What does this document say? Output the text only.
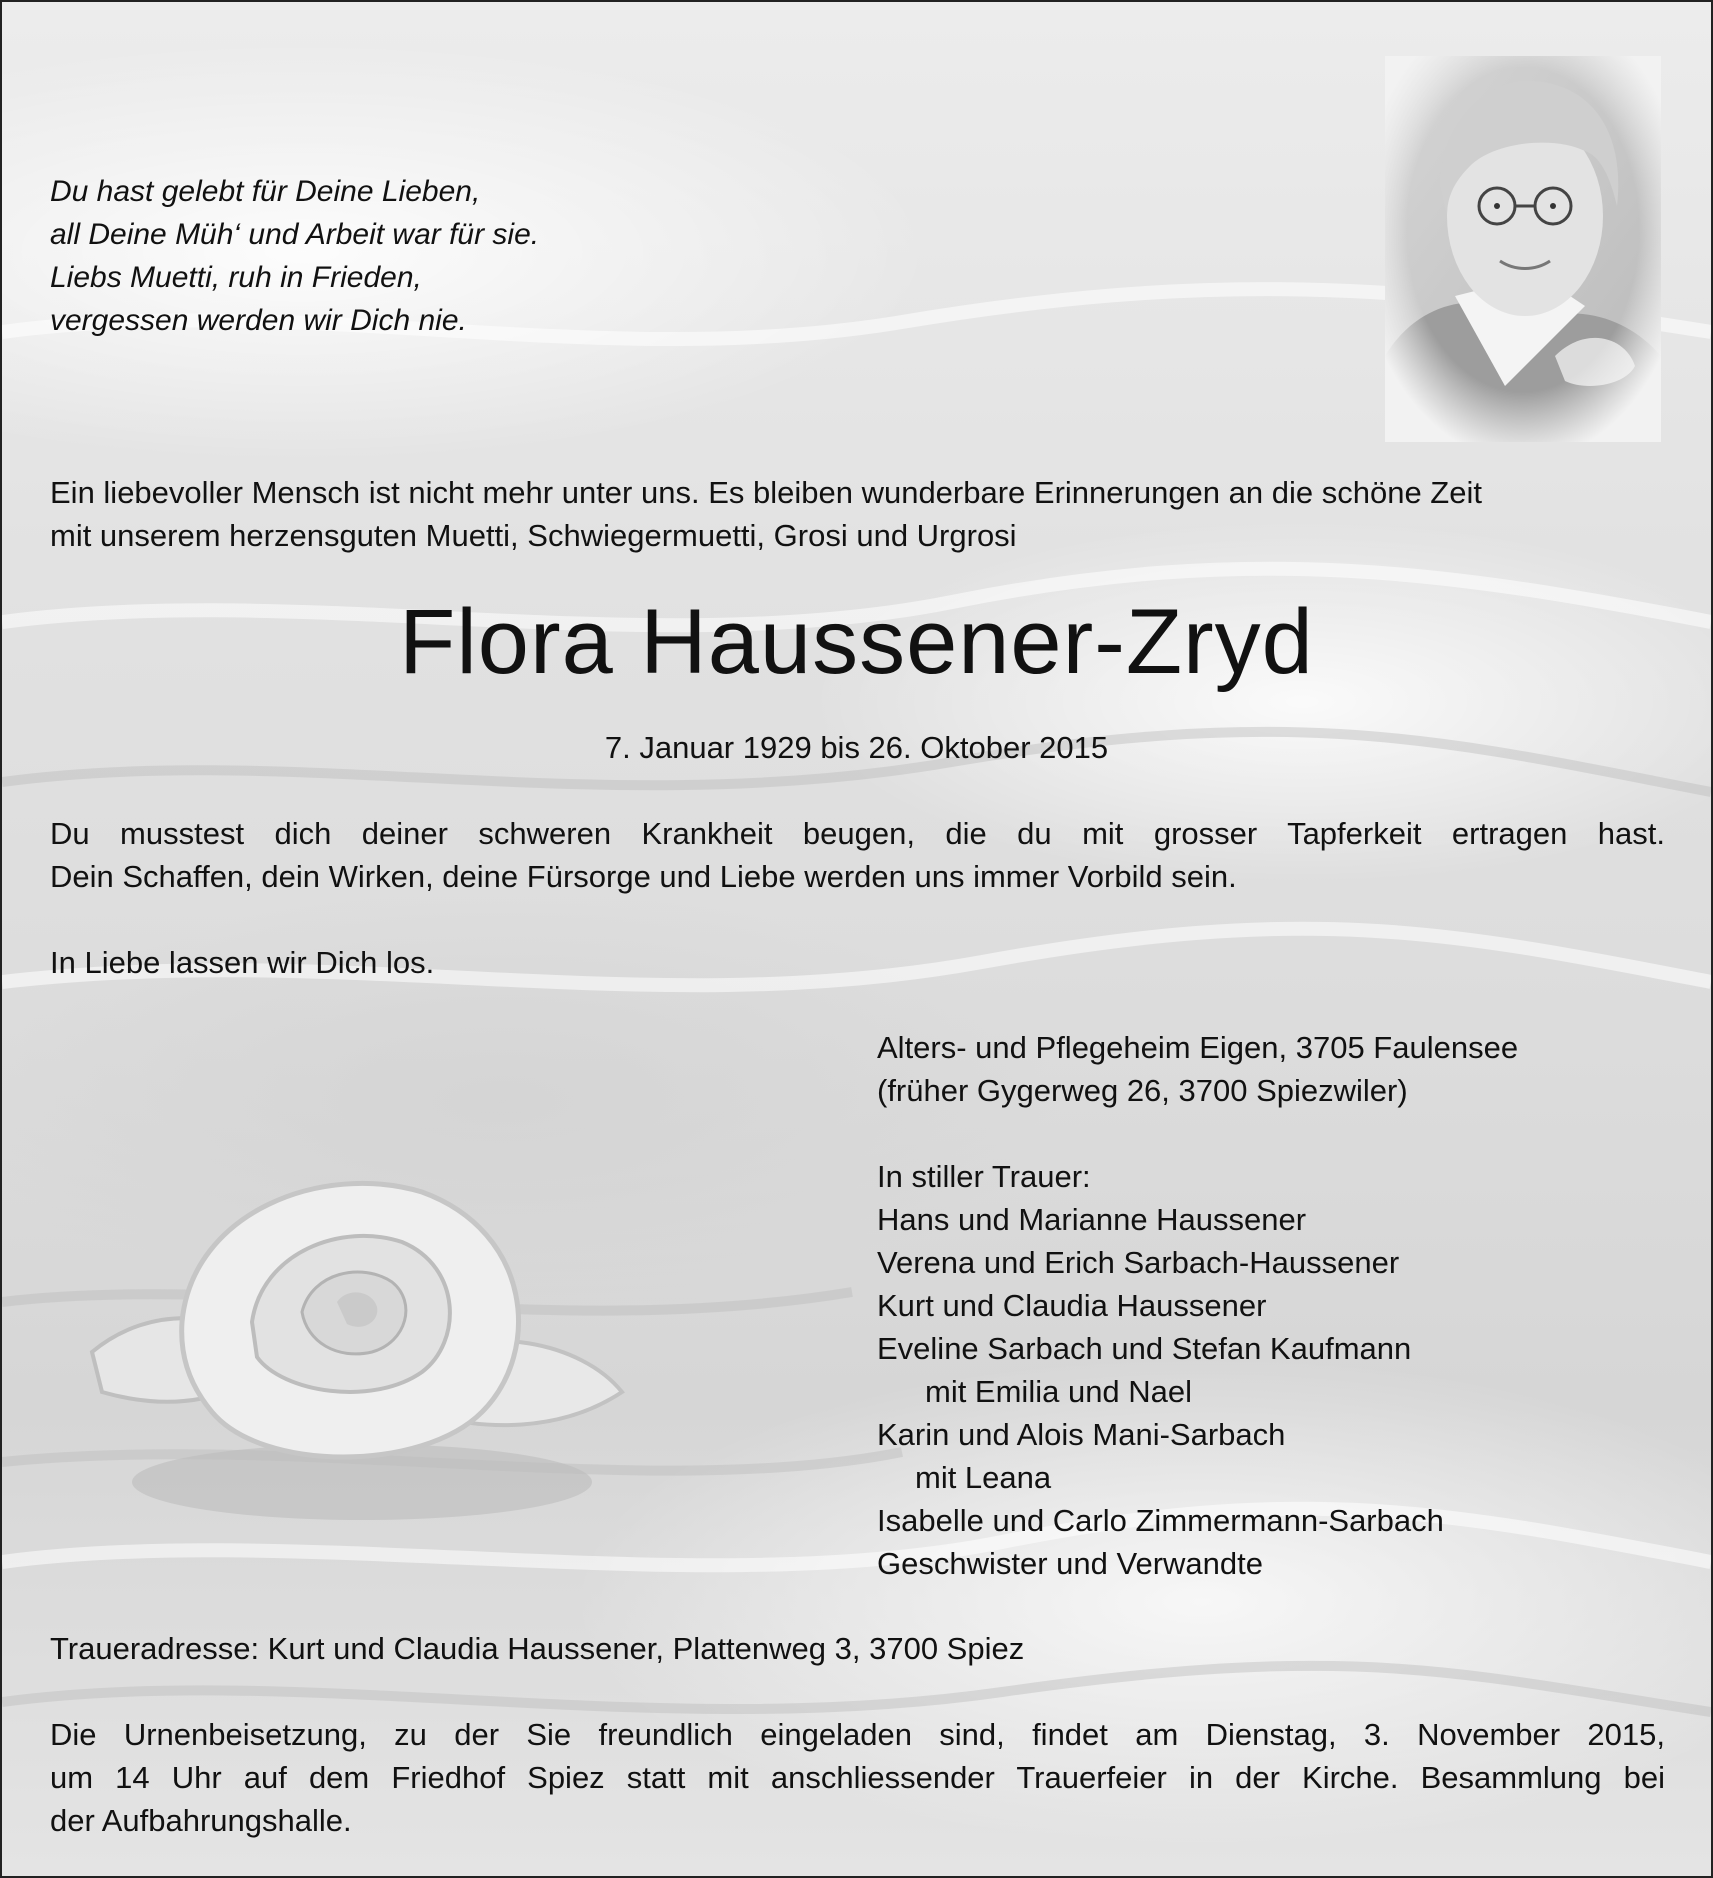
Du hast gelebt für Deine Lieben,
all Deine Müh‘ und Arbeit war für sie.
Liebs Muetti, ruh in Frieden,
vergessen werden wir Dich nie.
Ein liebevoller Mensch ist nicht mehr unter uns. Es bleiben wunderbare Erinnerungen an die schöne Zeit
mit unserem herzensguten Muetti, Schwiegermuetti, Grosi und Urgrosi
Flora Haussener-Zryd
7. Januar 1929 bis 26. Oktober 2015
Du musstest dich deiner schweren Krankheit beugen, die du mit grosser Tapferkeit ertragen hast.
Dein Schaffen, dein Wirken, deine Fürsorge und Liebe werden uns immer Vorbild sein.
In Liebe lassen wir Dich los.
Alters- und Pflegeheim Eigen, 3705 Faulensee
(früher Gygerweg 26, 3700 Spiezwiler)
In stiller Trauer:
Hans und Marianne Haussener
Verena und Erich Sarbach-Haussener
Kurt und Claudia Haussener
Eveline Sarbach und Stefan Kaufmann
mit Emilia und Nael
Karin und Alois Mani-Sarbach
mit Leana
Isabelle und Carlo Zimmermann-Sarbach
Geschwister und Verwandte
Traueradresse: Kurt und Claudia Haussener, Plattenweg 3, 3700 Spiez
Die Urnenbeisetzung, zu der Sie freundlich eingeladen sind, findet am Dienstag, 3. November 2015,
um 14 Uhr auf dem Friedhof Spiez statt mit anschliessender Trauerfeier in der Kirche. Besammlung bei
der Aufbahrungshalle.
